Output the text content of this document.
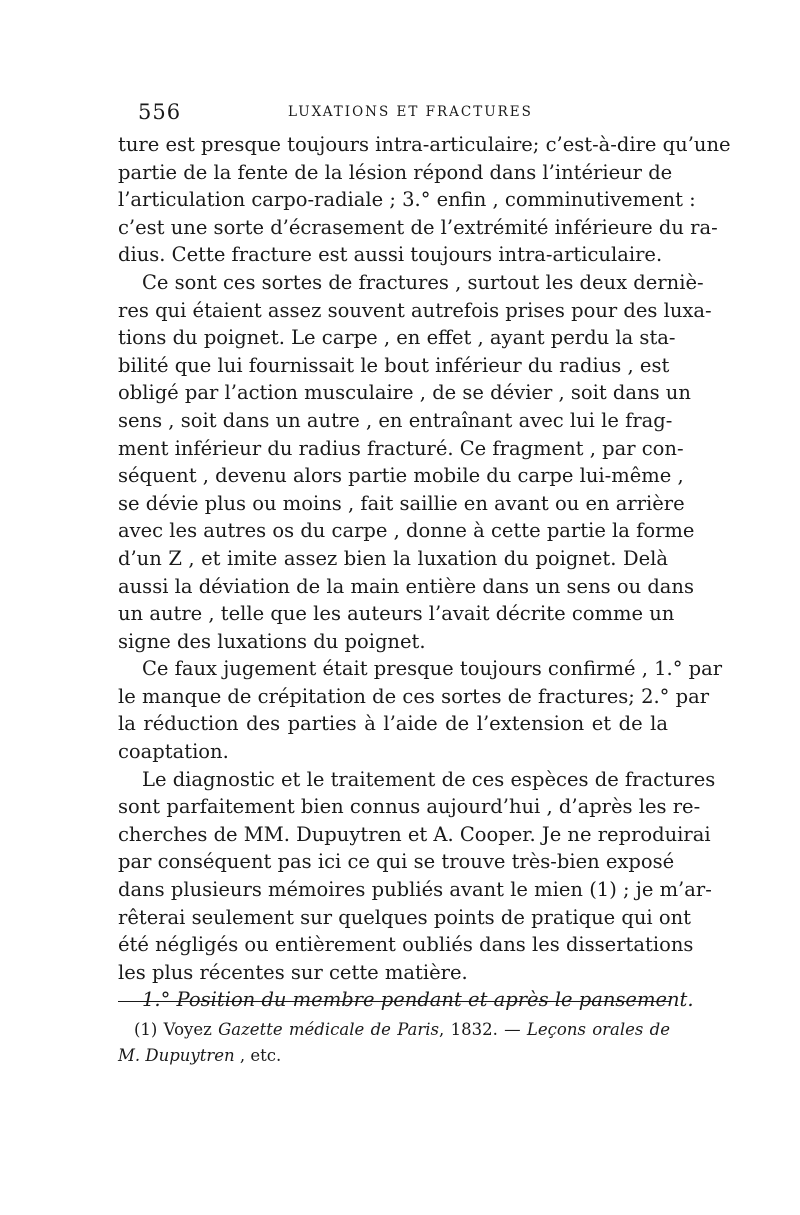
556	LUXATIONS ET FRACTURES
ture est presque toujours intra-articulaire; c’est-à-dire qu’une
partie de la fente de la lésion répond dans l’intérieur de
l’articulation carpo-radiale ; 3.° enfin , comminutivement :
c’est une sorte d’écrasement de l’extrémité inférieure du ra-
dius. Cette fracture est aussi toujours intra-articulaire.
Ce sont ces sortes de fractures , surtout les deux derniè-
res qui étaient assez souvent autrefois prises pour des luxa-
tions du poignet. Le carpe , en effet , ayant perdu la sta-
bilité que lui fournissait le bout inférieur du radius , est
obligé par l’action musculaire , de se dévier , soit dans un
sens , soit dans un autre , en entraînant avec lui le frag-
ment inférieur du radius fracturé. Ce fragment , par con-
séquent , devenu alors partie mobile du carpe lui-même ,
se dévie plus ou moins , fait saillie en avant ou en arrière
avec les autres os du carpe , donne à cette partie la forme
d’un Z , et imite assez bien la luxation du poignet. Delà
aussi la déviation de la main entière dans un sens ou dans
un autre , telle que les auteurs l’avait décrite comme un
signe des luxations du poignet.
Ce faux jugement était presque toujours confirmé , 1.° par
le manque de crépitation de ces sortes de fractures; 2.° par
la réduction des parties à l’aide de l’extension et de la
coaptation.
Le diagnostic et le traitement de ces espèces de fractures
sont parfaitement bien connus aujourd’hui , d’après les re-
cherches de MM. Dupuytren et A. Cooper. Je ne reproduirai
par conséquent pas ici ce qui se trouve très-bien exposé
dans plusieurs mémoires publiés avant le mien (1) ; je m’ar-
rêterai seulement sur quelques points de pratique qui ont
été négligés ou entièrement oubliés dans les dissertations
les plus récentes sur cette matière.
1.° Position du membre pendant et après le pansement.
(1) Voyez Gazette médicale de Paris, 1832. — Leçons orales de
M. Dupuytren , etc.
